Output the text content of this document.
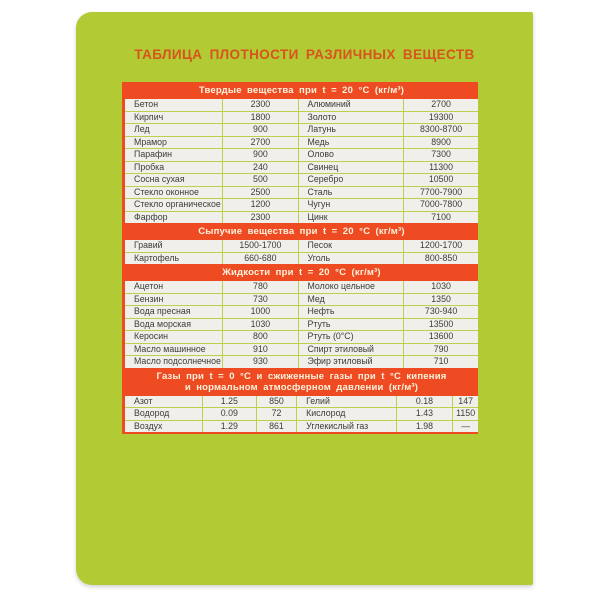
ТАБЛИЦА ПЛОТНОСТИ РАЗЛИЧНЫХ ВЕЩЕСТВ
Твердые вещества при t = 20 °C (кг/м³)
Бетон	2300	Алюминий	2700
Кирпич	1800	Золото	19300
Лед	900	Латунь	8300-8700
Мрамор	2700	Медь	8900
Парафин	900	Олово	7300
Пробка	240	Свинец	11300
Сосна сухая	500	Серебро	10500
Стекло оконное	2500	Сталь	7700-7900
Стекло органическое	1200	Чугун	7000-7800
Фарфор	2300	Цинк	7100
Сыпучие вещества при t = 20 °C (кг/м³)
Гравий	1500-1700	Песок	1200-1700
Картофель	660-680	Уголь	800-850
Жидкости при t = 20 °C (кг/м³)
Ацетон	780	Молоко цельное	1030
Бензин	730	Мед	1350
Вода пресная	1000	Нефть	730-940
Вода морская	1030	Ртуть	13500
Керосин	800	Ртуть (0°C)	13600
Масло машинное	910	Спирт этиловый	790
Масло подсолнечное	930	Эфир этиловый	710
Газы при t = 0 °C и сжиженные газы при t °C кипения
и нормальном атмосферном давлении (кг/м³)
Азот	1.25	850	Гелий	0.18	147
Водород	0.09	72	Кислород	1.43	1150
Воздух	1.29	861	Углекислый газ	1.98	—
